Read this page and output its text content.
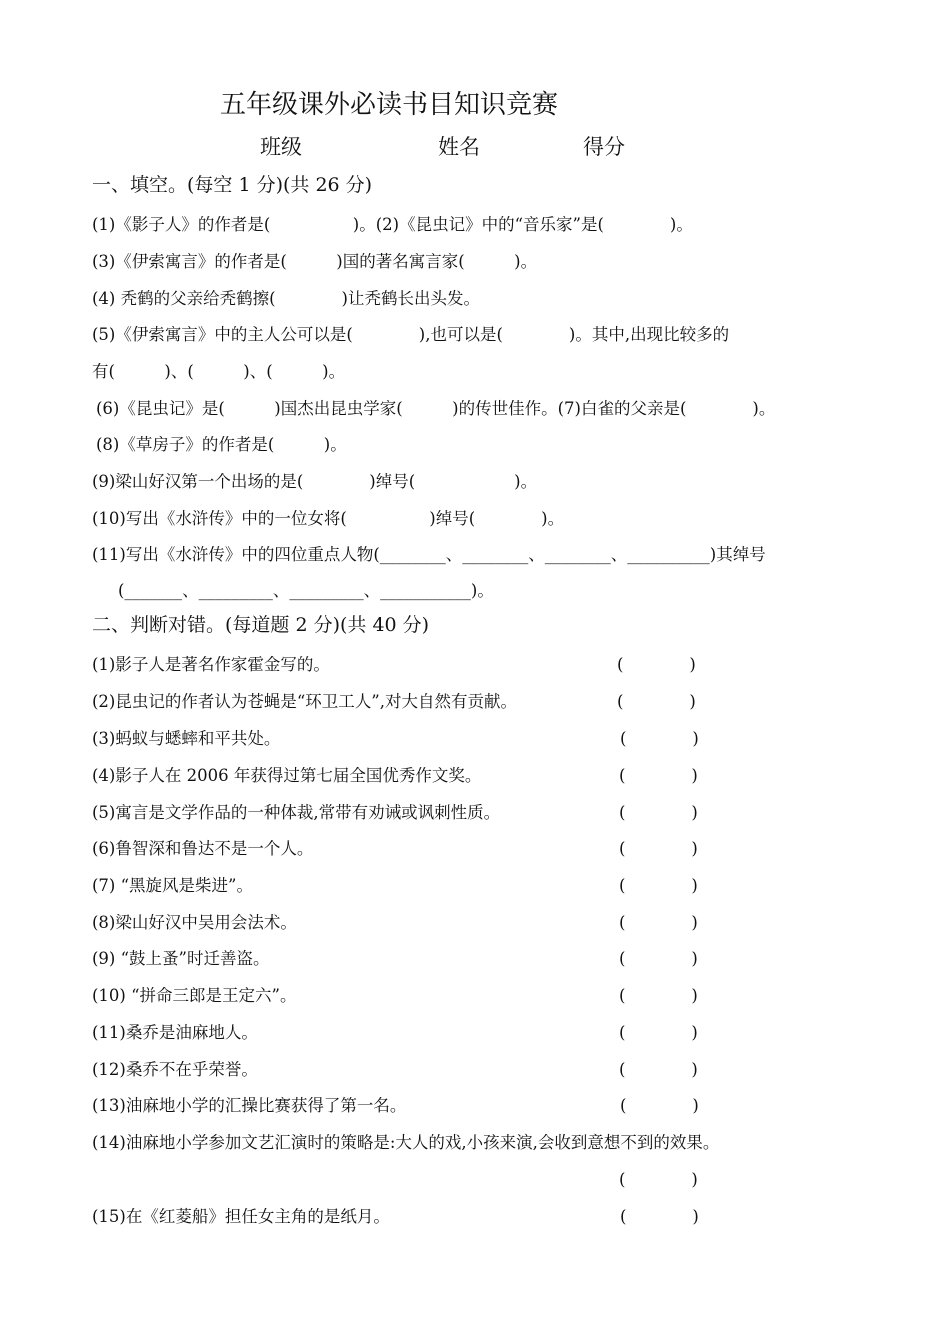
五年级课外必读书目知识竞赛
班级	姓名	得分
一、填空。(每空 1 分)(共 26 分)
(1)《影子人》的作者是(　　　　　)。(2)《昆虫记》中的“音乐家”是(　　　　)。
(3)《伊索寓言》的作者是(　　　)国的著名寓言家(　　　)。
(4) 秃鹤的父亲给秃鹤擦(　　　　)让秃鹤长出头发。
(5)《伊索寓言》中的主人公可以是(　　　　),也可以是(　　　　)。其中,出现比较多的
有(　　　)、(　　　)、(　　　)。
(6)《昆虫记》是(　　　)国杰出昆虫学家(　　　)的传世佳作。(7)白雀的父亲是(　　　　)。
(8)《草房子》的作者是(　　　)。
(9)梁山好汉第一个出场的是(　　　　)绰号(　　　　　　)。
(10)写出《水浒传》中的一位女将(　　　　　)绰号(　　　　)。
(11)写出《水浒传》中的四位重点人物(________、________、________、__________)其绰号
(_______、_________、_________、___________)。
二、判断对错。(每道题 2 分)(共 40 分)
(1)影子人是著名作家霍金写的。	(　　　　)
(2)昆虫记的作者认为苍蝇是“环卫工人”,对大自然有贡献。	(　　　　)
(3)蚂蚁与蟋蟀和平共处。	(　　　　)
(4)影子人在 2006 年获得过第七届全国优秀作文奖。	(　　　　)
(5)寓言是文学作品的一种体裁,常带有劝诫或讽刺性质。	(　　　　)
(6)鲁智深和鲁达不是一个人。	(　　　　)
(7) “黑旋风是柴进”。	(　　　　)
(8)梁山好汉中吴用会法术。	(　　　　)
(9) “鼓上蚤”时迁善盗。	(　　　　)
(10) “拼命三郎是王定六”。	(　　　　)
(11)桑乔是油麻地人。	(　　　　)
(12)桑乔不在乎荣誉。	(　　　　)
(13)油麻地小学的汇操比赛获得了第一名。	(　　　　)
(14)油麻地小学参加文艺汇演时的策略是:大人的戏,小孩来演,会收到意想不到的效果。
(　　　　)
(15)在《红菱船》担任女主角的是纸月。	(　　　　)
